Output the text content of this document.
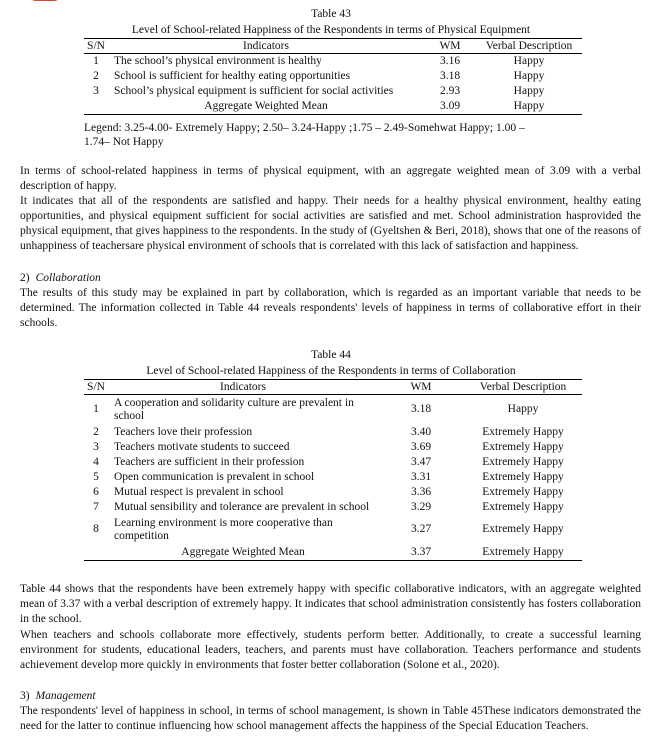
Table 43
Level of School-related Happiness of the Respondents in terms of Physical Equipment
S/N	Indicators	WM	Verbal Description
1	The school’s physical environment is healthy	3.16	Happy
2	School is sufficient for healthy eating opportunities	3.18	Happy
3	School’s physical equipment is sufficient for social activities	2.93	Happy
	Aggregate Weighted Mean	3.09	Happy
Legend: 3.25-4.00- Extremely Happy; 2.50– 3.24-Happy ;1.75 – 2.49-Somehwat Happy; 1.00 – 1.74– Not Happy

In terms of school-related happiness in terms of physical equipment, with an aggregate weighted mean of 3.09 with a verbal description of happy.

It indicates that all of the respondents are satisfied and happy. Their needs for a healthy physical environment, healthy eating opportunities, and physical equipment sufficient for social activities are satisfied and met. School administration hasprovided the physical equipment, that gives happiness to the respondents. In the study of (Gyeltshen & Beri, 2018), shows that one of the reasons of unhappiness of teachersare physical environment of schools that is correlated with this lack of satisfaction and happiness.

2) Collaboration

The results of this study may be explained in part by collaboration, which is regarded as an important variable that needs to be determined. The information collected in Table 44 reveals respondents' levels of happiness in terms of collaborative effort in their schools.

Table 44
Level of School-related Happiness of the Respondents in terms of Collaboration
S/N	Indicators	WM	Verbal Description
1	A cooperation and solidarity culture are prevalent in school	3.18	Happy
2	Teachers love their profession	3.40	Extremely Happy
3	Teachers motivate students to succeed	3.69	Extremely Happy
4	Teachers are sufficient in their profession	3.47	Extremely Happy
5	Open communication is prevalent in school	3.31	Extremely Happy
6	Mutual respect is prevalent in school	3.36	Extremely Happy
7	Mutual sensibility and tolerance are prevalent in school	3.29	Extremely Happy
8	Learning environment is more cooperative than competition	3.27	Extremely Happy
	Aggregate Weighted Mean	3.37	Extremely Happy

Table 44 shows that the respondents have been extremely happy with specific collaborative indicators, with an aggregate weighted mean of 3.37 with a verbal description of extremely happy. It indicates that school administration consistently has fosters collaboration in the school.

When teachers and schools collaborate more effectively, students perform better. Additionally, to create a successful learning environment for students, educational leaders, teachers, and parents must have collaboration. Teachers performance and students achievement develop more quickly in environments that foster better collaboration (Solone et al., 2020).

3) Management

The respondents' level of happiness in school, in terms of school management, is shown in Table 45These indicators demonstrated the need for the latter to continue influencing how school management affects the happiness of the Special Education Teachers.
